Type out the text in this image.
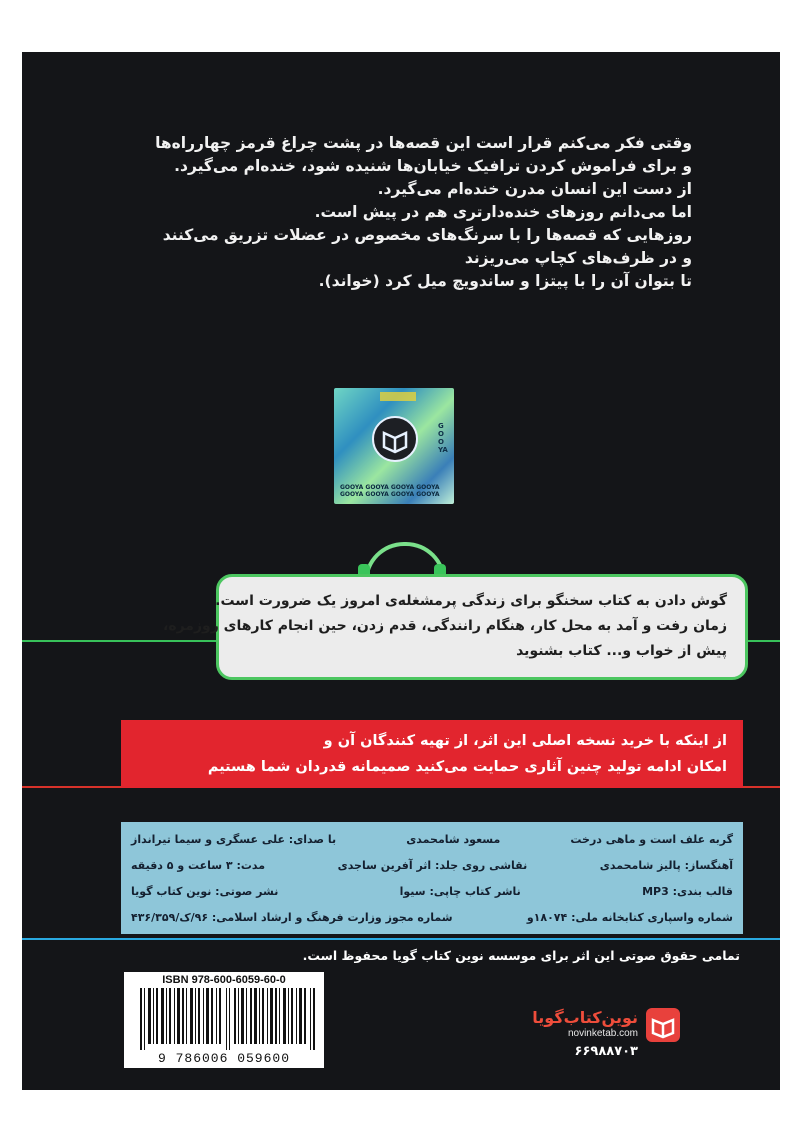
وقتی فکر می‌کنم قرار است این قصه‌ها در پشت چراغ قرمز چهارراه‌ها
و برای فراموش کردن ترافیک خیابان‌ها شنیده شود، خنده‌ام می‌گیرد.
از دست این انسان مدرن خنده‌ام می‌گیرد.
اما می‌دانم روزهای خنده‌دارتری هم در پیش است.
روزهایی که قصه‌ها را با سرنگ‌های مخصوص در عضلات تزریق می‌کنند
و در ظرف‌های کچاپ می‌ریزند
تا بتوان آن را با پیتزا و ساندویچ میل کرد (خواند).
GOOYA
GOOYA GOOYA GOOYA GOOYA GOOYA GOOYA GOOYA GOOYA
گوش دادن به کتاب سخنگو برای زندگی پرمشغله‌ی امروز یک ضرورت است.
زمان رفت و آمد به محل کار، هنگام رانندگی، قدم زدن، حین انجام کارهای روزمره،
پیش از خواب و... کتاب بشنوید
از اینکه با خرید نسخه اصلی این اثر، از تهیه کنندگان آن و
امکان ادامه تولید چنین آثاری حمایت می‌کنید صمیمانه قدردان شما هستیم
گربه علف است و ماهی درخت
مسعود شامحمدی
با صدای: علی عسگری و سیما تیرانداز
آهنگساز: پالیز شامحمدی
نقاشی روی جلد: اثر آفرین ساجدی
مدت: ۳ ساعت و ۵ دقیقه
قالب بندی: MP3
ناشر کتاب چاپی: سیوا
نشر صوتی: نوین کتاب گویا
شماره واسپاری کتابخانه ملی: ۱۸۰۷۴و
شماره مجوز وزارت فرهنگ و ارشاد اسلامی: ۹۶/ک/۴۳۶/۳۵۹
تمامی حقوق صوتی این اثر برای موسسه نوین کتاب گویا محفوظ است.
ISBN 978-600-6059-60-0
9 786006 059600
نوین‌کتاب‌گویا
novinketab.com
۶۶۹۸۸۷۰۳
